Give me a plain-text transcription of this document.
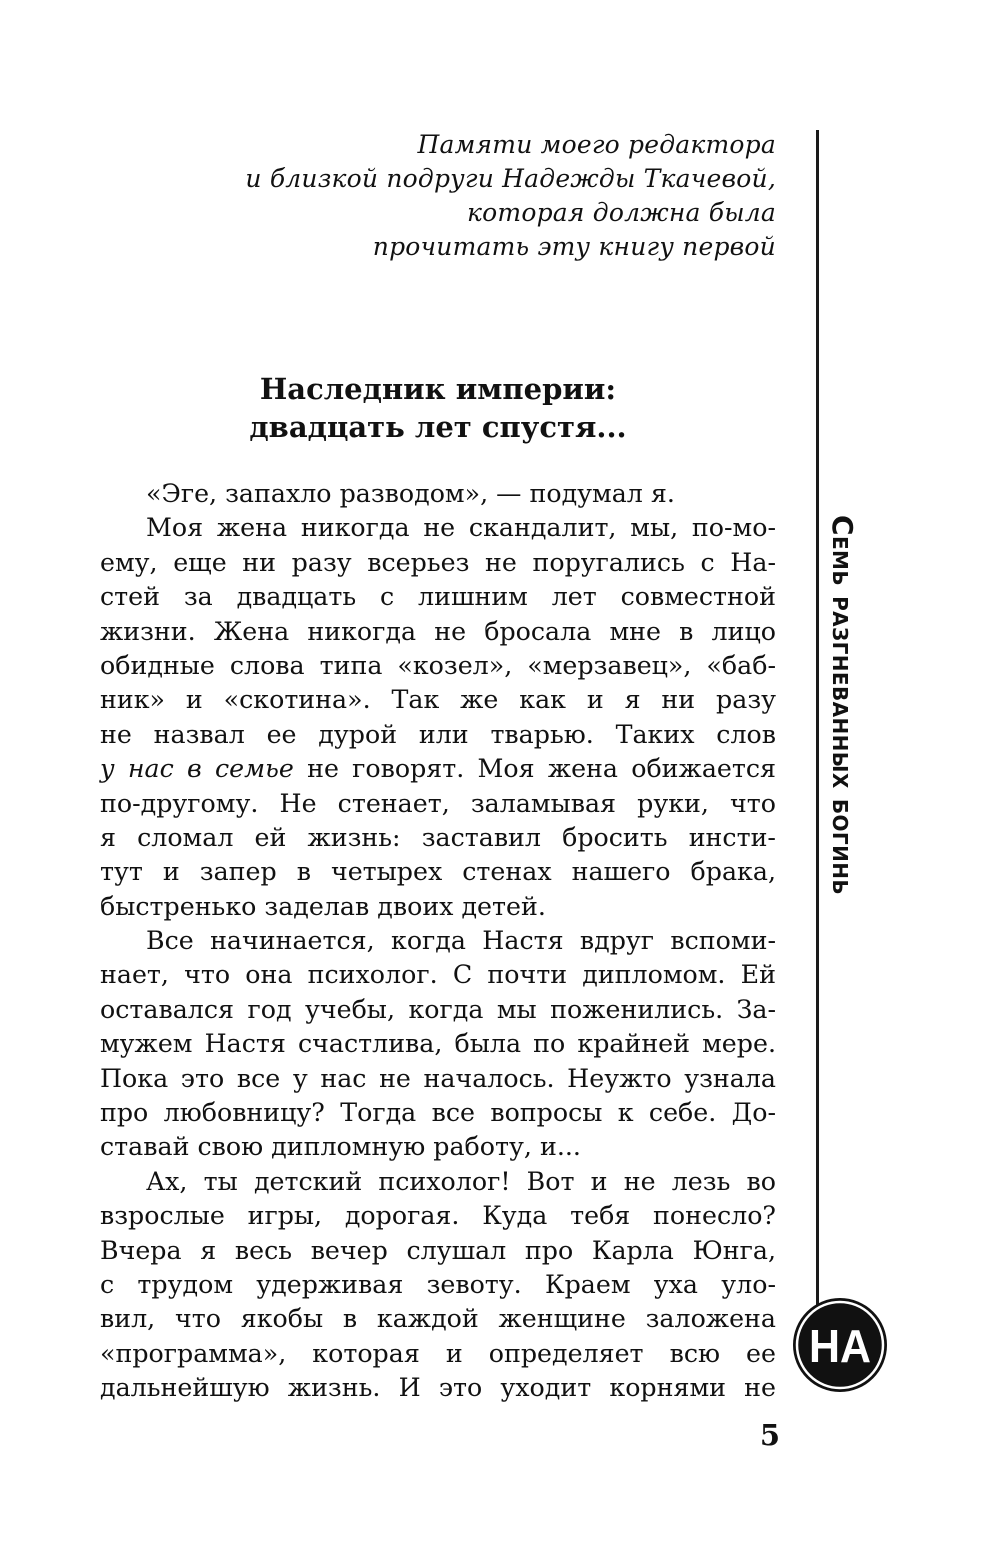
Памяти моего редактора
и близкой подруги Надежды Ткачевой,
которая должна была
прочитать эту книгу первой
Наследник империи:
двадцать лет спустя...
«Эге, запахло разводом», — подумал я.
Моя жена никогда не скандалит, мы, по-мо-
ему, еще ни разу всерьез не поругались с На-
стей за двадцать с лишним лет совместной
жизни. Жена никогда не бросала мне в лицо
обидные слова типа «козел», «мерзавец», «баб-
ник» и «скотина». Так же как и я ни разу
не назвал ее дурой или тварью. Таких слов
у нас в семье не говорят. Моя жена обижается
по-другому. Не стенает, заламывая руки, что
я сломал ей жизнь: заставил бросить инсти-
тут и запер в четырех стенах нашего брака,
быстренько заделав двоих детей.
Все начинается, когда Настя вдруг вспоми-
нает, что она психолог. С почти дипломом. Ей
оставался год учебы, когда мы поженились. За-
мужем Настя счастлива, была по крайней мере.
Пока это все у нас не началось. Неужто узнала
про любовницу? Тогда все вопросы к себе. До-
ставай свою дипломную работу, и...
Ах, ты детский психолог! Вот и не лезь во
взрослые игры, дорогая. Куда тебя понесло?
Вчера я весь вечер слушал про Карла Юнга,
с трудом удерживая зевоту. Краем уха уло-
вил, что якобы в каждой женщине заложена
«программа», которая и определяет всю ее
дальнейшую жизнь. И это уходит корнями не
Семь разгневанных богинь
НА
5
